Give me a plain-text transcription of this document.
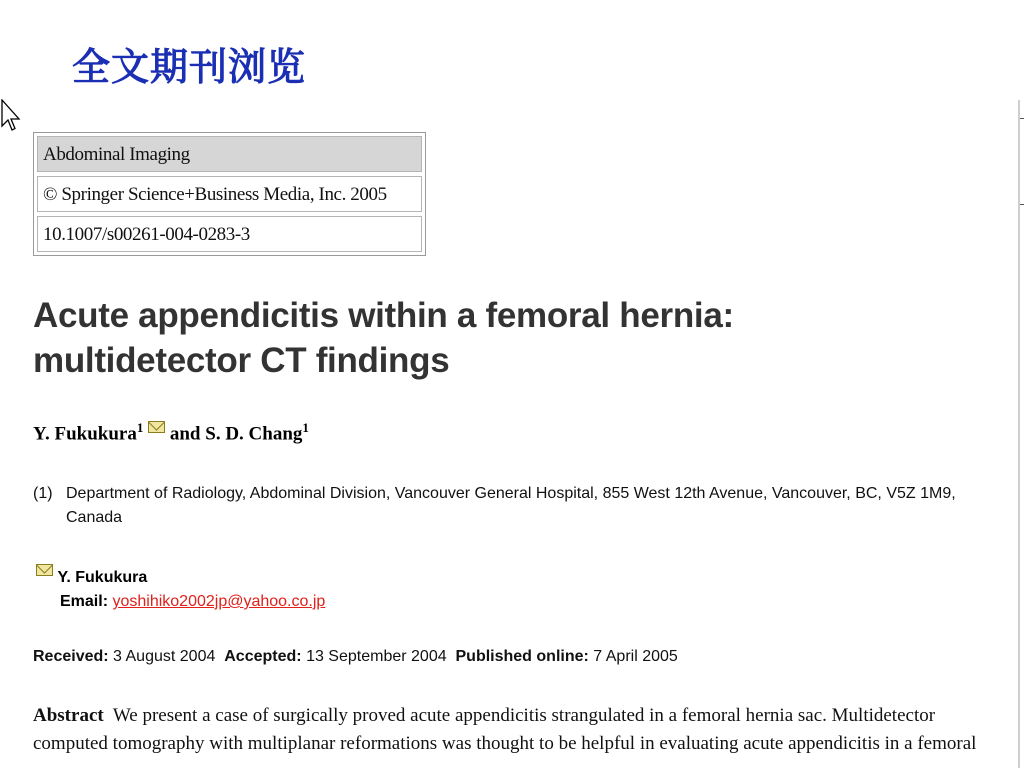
全文期刊浏览
Abdominal Imaging
© Springer Science+Business Media, Inc. 2005
10.1007/s00261-004-0283-3
Acute appendicitis within a femoral hernia:
multidetector CT findings
Y. Fukukura$^1$ and S. D. Chang$^1$
(1) Department of Radiology, Abdominal Division, Vancouver General Hospital, 855 West 12th Avenue, Vancouver, BC, V5Z 1M9, Canada
Y. Fukukura
Email: yoshihiko2002jp@yahoo.co.jp
Received: 3 August 2004 Accepted: 13 September 2004 Published online: 7 April 2005
Abstract We present a case of surgically proved acute appendicitis strangulated in a femoral hernia sac. Multidetector computed tomography with multiplanar reformations was thought to be helpful in evaluating acute appendicitis in a femoral
